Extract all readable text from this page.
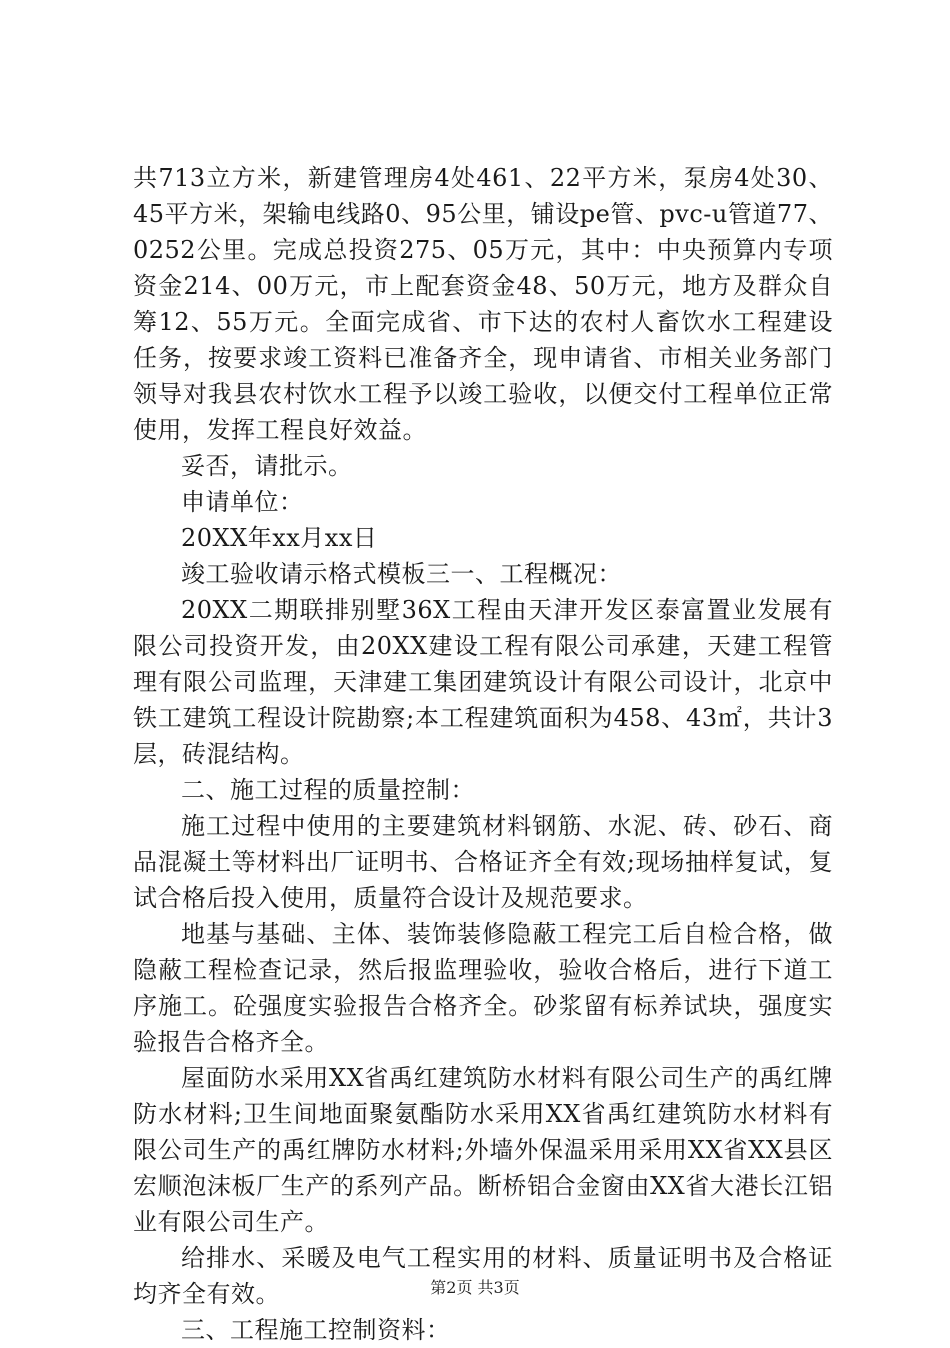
共713立方米，新建管理房4处461、22平方米，泵房4处30、45平方米，架输电线路0、95公里，铺设pe管、pvc-u管道77、0252公里。完成总投资275、05万元，其中：中央预算内专项资金214、00万元，市上配套资金48、50万元，地方及群众自筹12、55万元。全面完成省、市下达的农村人畜饮水工程建设任务，按要求竣工资料已准备齐全，现申请省、市相关业务部门领导对我县农村饮水工程予以竣工验收，以便交付工程单位正常使用，发挥工程良好效益。

妥否，请批示。

申请单位：

20XX年xx月xx日

竣工验收请示格式模板三一、工程概况：

20XX二期联排别墅36X工程由天津开发区泰富置业发展有限公司投资开发，由20XX建设工程有限公司承建，天建工程管理有限公司监理，天津建工集团建筑设计有限公司设计，北京中铁工建筑工程设计院勘察;本工程建筑面积为458、43㎡，共计3层，砖混结构。

二、施工过程的质量控制：

施工过程中使用的主要建筑材料钢筋、水泥、砖、砂石、商品混凝土等材料出厂证明书、合格证齐全有效;现场抽样复试，复试合格后投入使用，质量符合设计及规范要求。

地基与基础、主体、装饰装修隐蔽工程完工后自检合格，做隐蔽工程检查记录，然后报监理验收，验收合格后，进行下道工序施工。砼强度实验报告合格齐全。砂浆留有标养试块，强度实验报告合格齐全。

屋面防水采用XX省禹红建筑防水材料有限公司生产的禹红牌防水材料;卫生间地面聚氨酯防水采用XX省禹红建筑防水材料有限公司生产的禹红牌防水材料;外墙外保温采用采用XX省XX县区宏顺泡沫板厂生产的系列产品。断桥铝合金窗由XX省大港长江铝业有限公司生产。

给排水、采暖及电气工程实用的材料、质量证明书及合格证均齐全有效。

三、工程施工控制资料：

第2页 共3页
